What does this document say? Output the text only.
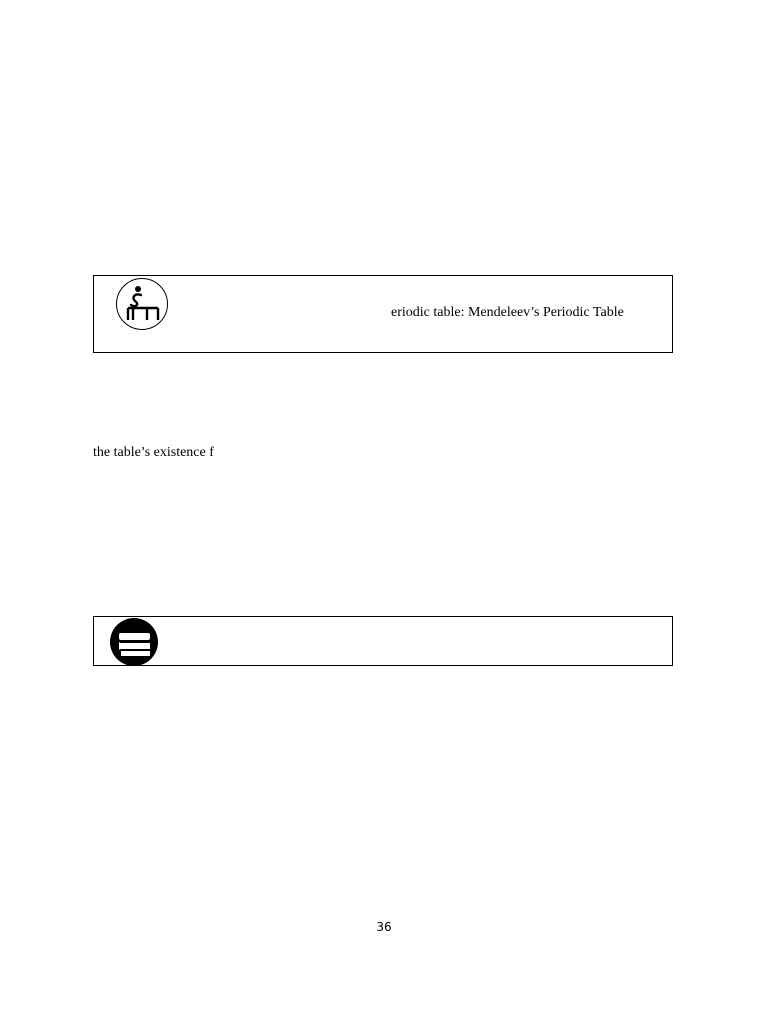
eriodic table: Mendeleev’s Periodic Table
the table’s existence f
36
